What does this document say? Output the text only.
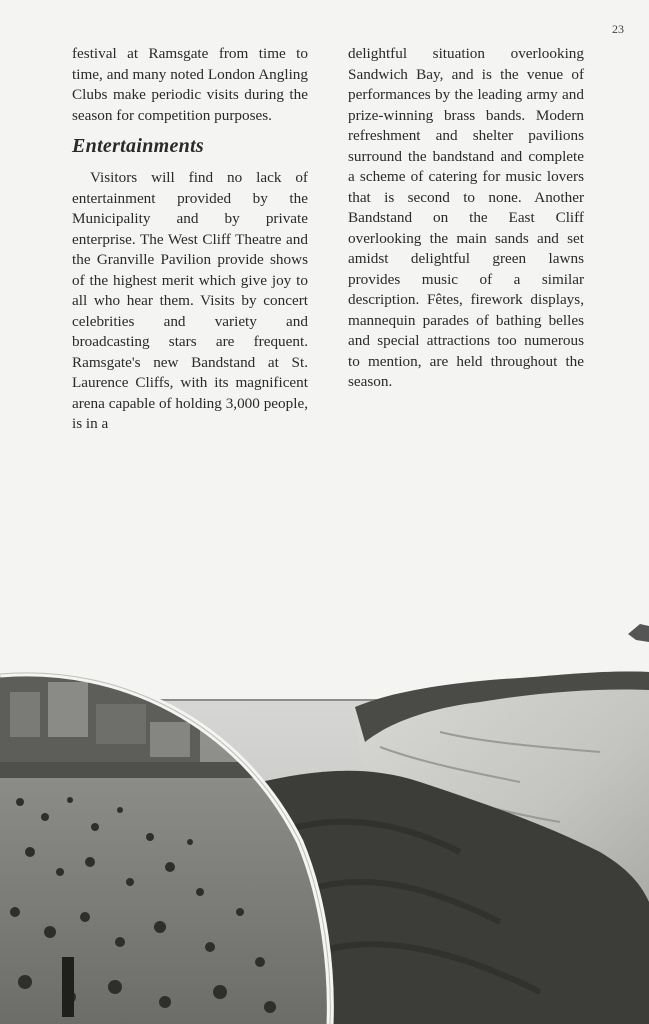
23

festival at Ramsgate from time to time, and many noted London Angling Clubs make periodic visits during the season for competition purposes.

Entertainments

Visitors will find no lack of entertainment provided by the Municipality and by private enterprise. The West Cliff Theatre and the Granville Pavilion provide shows of the highest merit which give joy to all who hear them. Visits by concert celebrities and variety and broadcasting stars are frequent. Ramsgate's new Bandstand at St. Laurence Cliffs, with its magnificent arena capable of holding 3,000 people, is in a

delightful situation overlooking Sandwich Bay, and is the venue of performances by the leading army and prize-winning brass bands. Modern refreshment and shelter pavilions surround the bandstand and complete a scheme of catering for music lovers that is second to none. Another Bandstand on the East Cliff overlooking the main sands and set amidst delightful green lawns provides music of a similar description. Fêtes, firework displays, mannequin parades of bathing belles and special attractions too numerous to mention, are held throughout the season.
